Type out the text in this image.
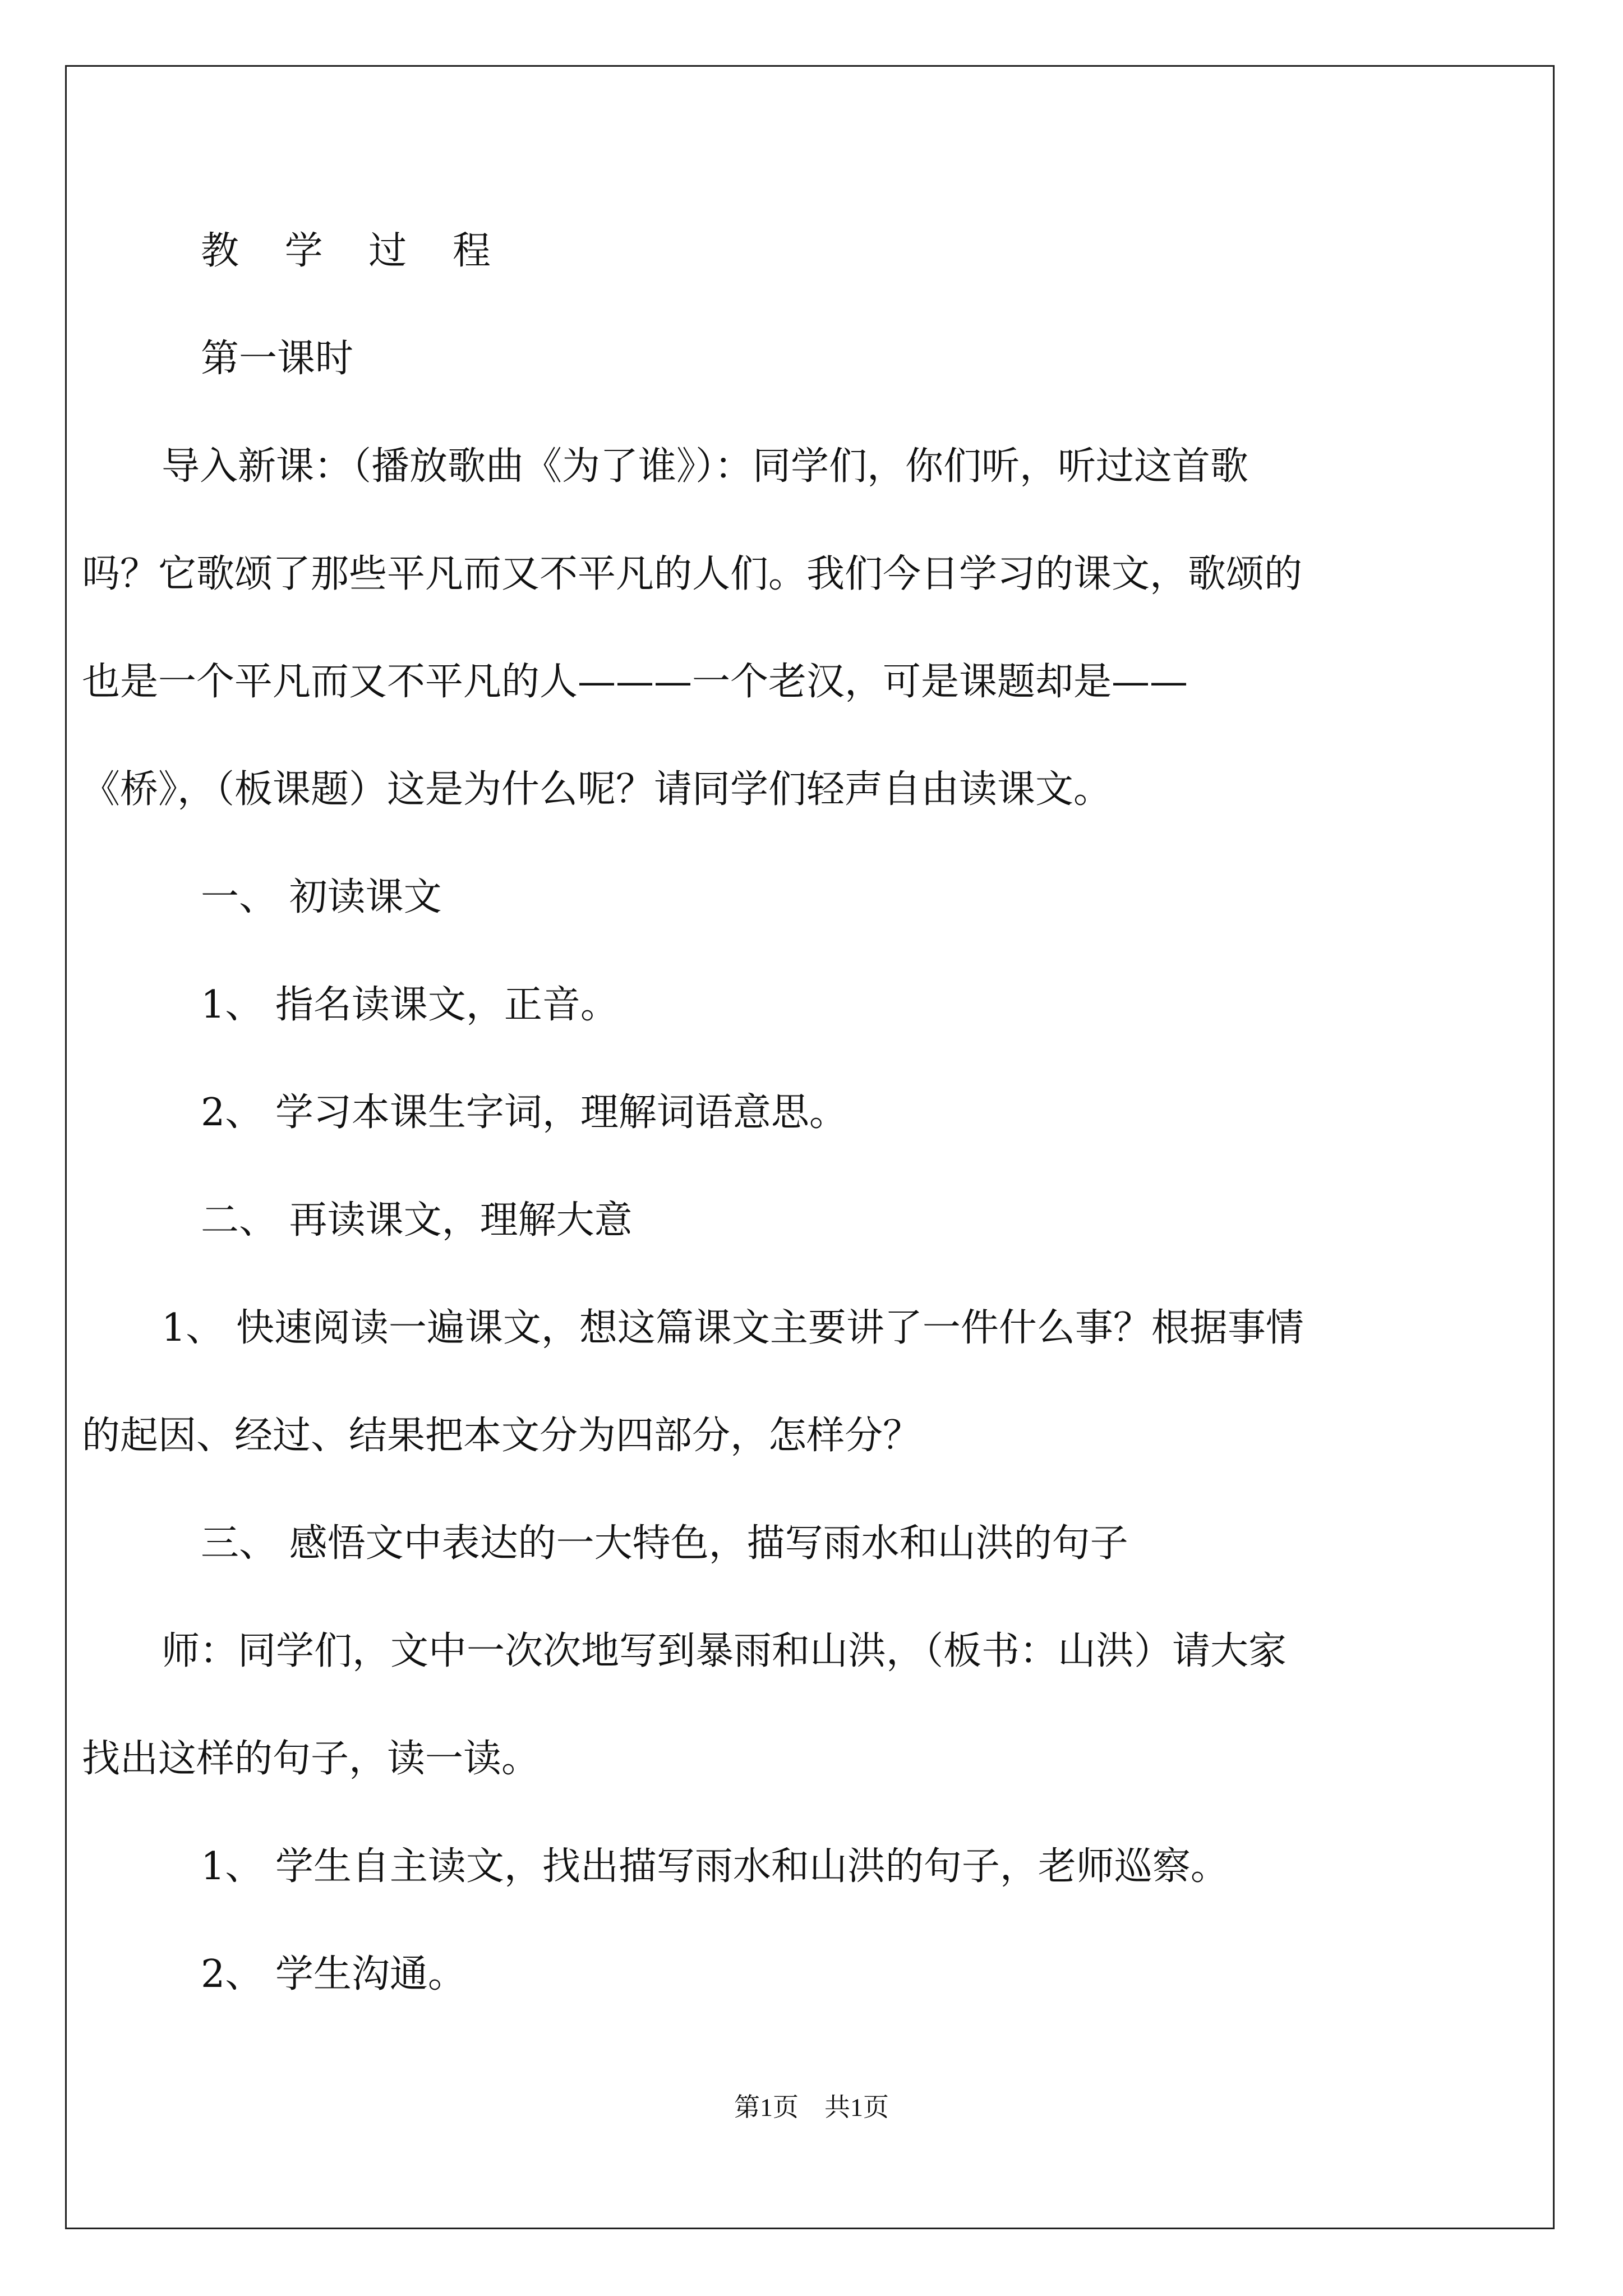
教 学 过 程

第一课时

导入新课：（播放歌曲《为了谁》）：同学们，你们听，听过这首歌吗？它歌颂了那些平凡而又不平凡的人们。我们今日学习的课文，歌颂的也是一个平凡而又不平凡的人———一个老汉，可是课题却是——《桥》，（板课题）这是为什么呢？请同学们轻声自由读课文。

一、 初读课文

1、 指名读课文，正音。

2、 学习本课生字词，理解词语意思。

二、 再读课文，理解大意

1、 快速阅读一遍课文，想这篇课文主要讲了一件什么事？根据事情的起因、经过、结果把本文分为四部分，怎样分？

三、 感悟文中表达的一大特色，描写雨水和山洪的句子

师：同学们，文中一次次地写到暴雨和山洪，（板书：山洪）请大家找出这样的句子，读一读。

1、 学生自主读文，找出描写雨水和山洪的句子，老师巡察。

2、 学生沟通。

第1页　共1页
